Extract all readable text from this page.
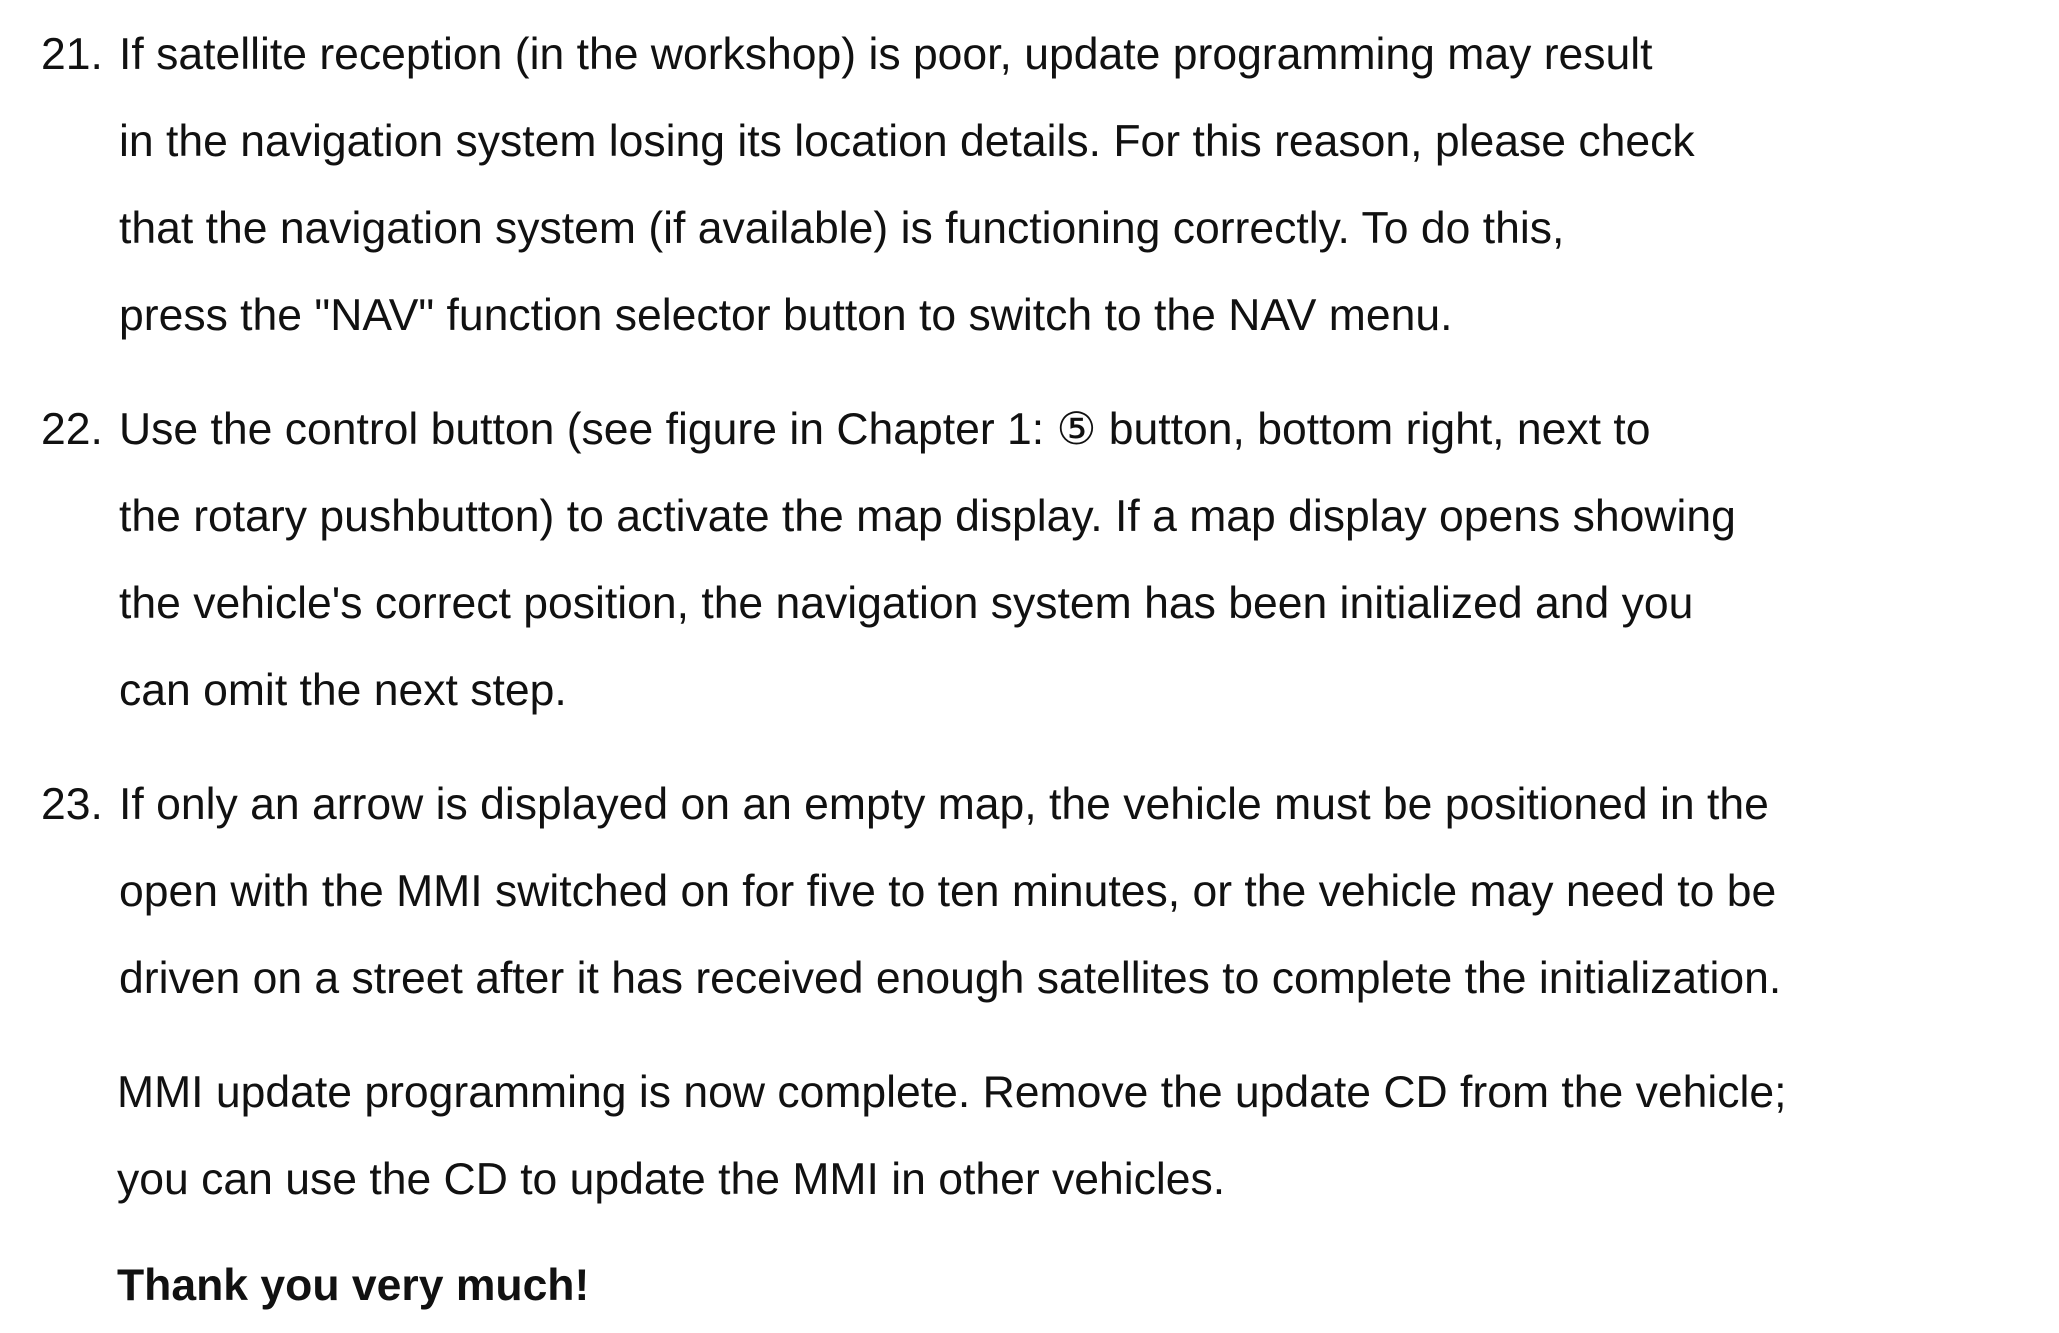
21. If satellite reception (in the workshop) is poor, update programming may result
in the navigation system losing its location details. For this reason, please check
that the navigation system (if available) is functioning correctly. To do this,
press the "NAV" function selector button to switch to the NAV menu.
22. Use the control button (see figure in Chapter 1: ⑤ button, bottom right, next to
the rotary pushbutton) to activate the map display. If a map display opens showing
the vehicle's correct position, the navigation system has been initialized and you
can omit the next step.
23. If only an arrow is displayed on an empty map, the vehicle must be positioned in the
open with the MMI switched on for five to ten minutes, or the vehicle may need to be
driven on a street after it has received enough satellites to complete the initialization.
MMI update programming is now complete. Remove the update CD from the vehicle;
you can use the CD to update the MMI in other vehicles.
Thank you very much!
